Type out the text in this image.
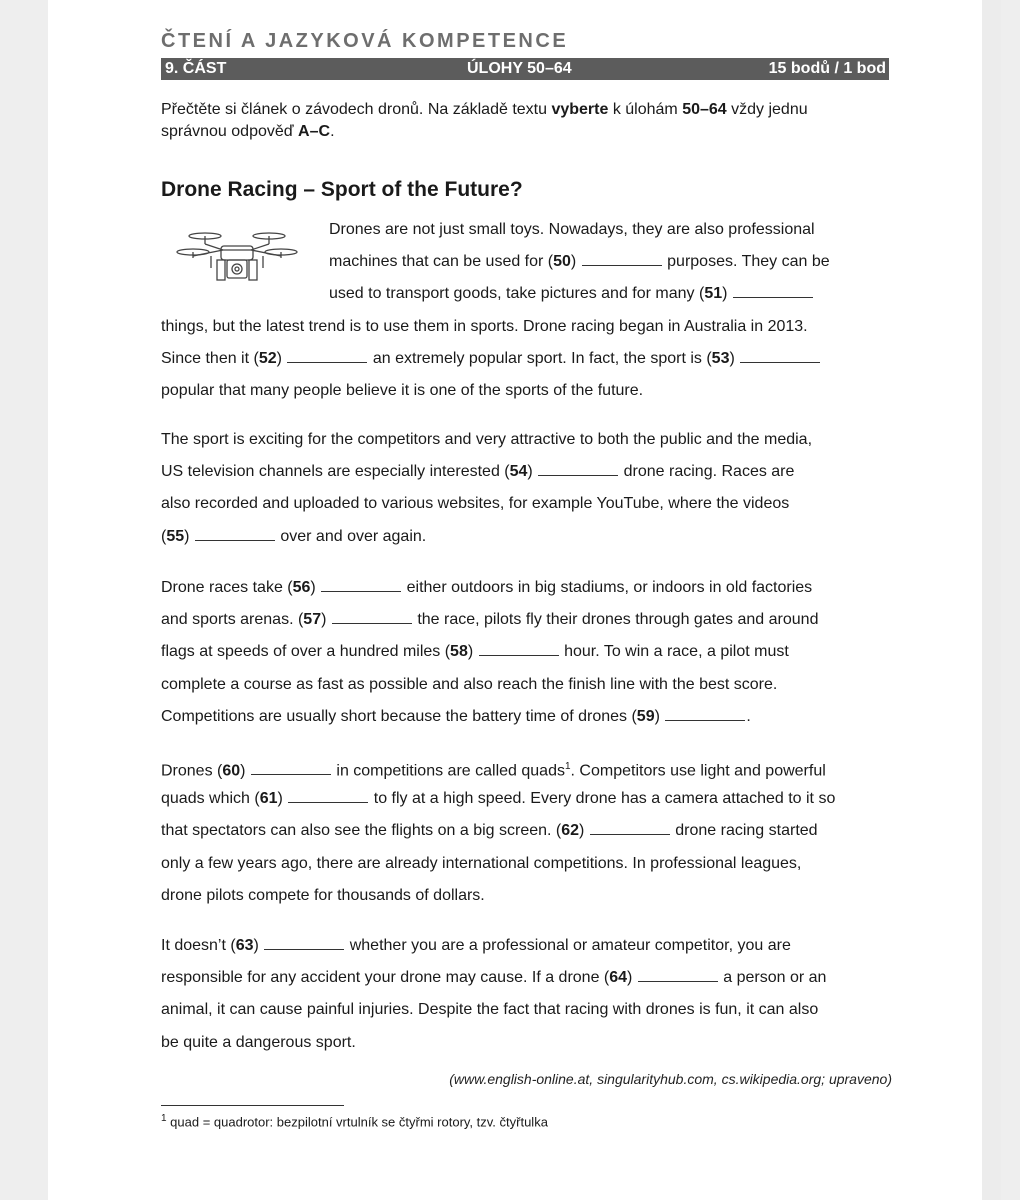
ČTENÍ A JAZYKOVÁ KOMPETENCE
9. ČÁST	ÚLOHY 50–64	15 bodů / 1 bod
Přečtěte si článek o závodech dronů. Na základě textu vyberte k úlohám 50–64 vždy jednu
správnou odpověď A–C.
Drone Racing – Sport of the Future?
Drones are not just small toys. Nowadays, they are also professional
machines that can be used for (50)	purposes. They can be
used to transport goods, take pictures and for many (51)
things, but the latest trend is to use them in sports. Drone racing began in Australia in 2013.
Since then it (52)	an extremely popular sport. In fact, the sport is (53)
popular that many people believe it is one of the sports of the future.
The sport is exciting for the competitors and very attractive to both the public and the media,
US television channels are especially interested (54)	drone racing. Races are
also recorded and uploaded to various websites, for example YouTube, where the videos
(55)	over and over again.
Drone races take (56)	either outdoors in big stadiums, or indoors in old factories
and sports arenas. (57)	the race, pilots fly their drones through gates and around
flags at speeds of over a hundred miles (58)	hour. To win a race, a pilot must
complete a course as fast as possible and also reach the finish line with the best score.
Competitions are usually short because the battery time of drones (59)	.
Drones (60)	in competitions are called quads$^1$. Competitors use light and powerful
quads which (61)	to fly at a high speed. Every drone has a camera attached to it so
that spectators can also see the flights on a big screen. (62)	drone racing started
only a few years ago, there are already international competitions. In professional leagues,
drone pilots compete for thousands of dollars.
It doesn’t (63)	whether you are a professional or amateur competitor, you are
responsible for any accident your drone may cause. If a drone (64)	a person or an
animal, it can cause painful injuries. Despite the fact that racing with drones is fun, it can also
be quite a dangerous sport.
(www.english-online.at, singularityhub.com, cs.wikipedia.org; upraveno)
$^1$ quad = quadrotor: bezpilotní vrtulník se čtyřmi rotory, tzv. čtyřtulka
